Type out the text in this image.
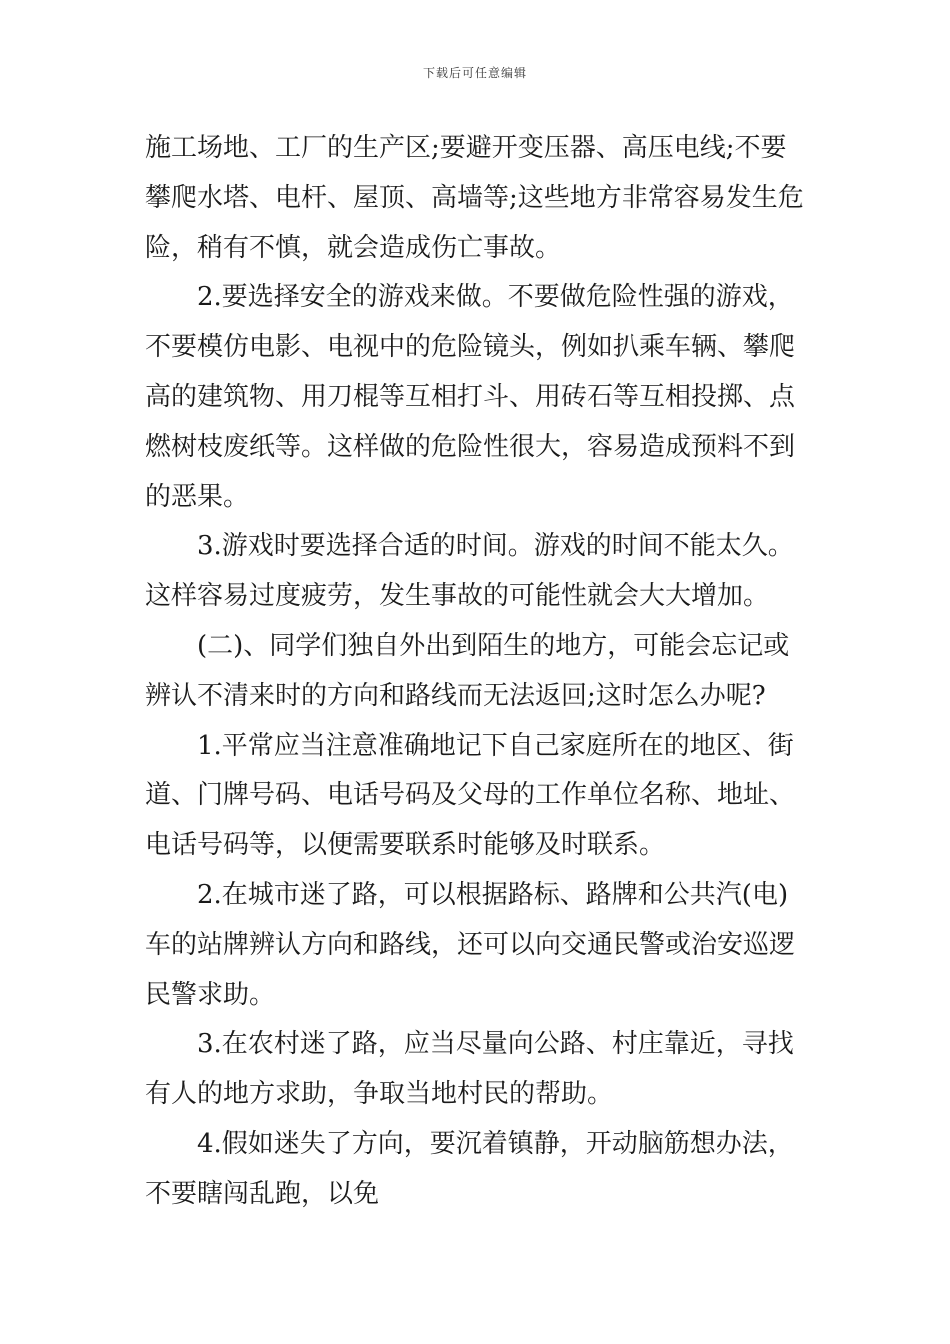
下载后可任意编辑
施工场地、工厂的生产区;要避开变压器、高压电线;不要
攀爬水塔、电杆、屋顶、高墙等;这些地方非常容易发生危
险，稍有不慎，就会造成伤亡事故。
2.要选择安全的游戏来做。不要做危险性强的游戏，
不要模仿电影、电视中的危险镜头，例如扒乘车辆、攀爬
高的建筑物、用刀棍等互相打斗、用砖石等互相投掷、点
燃树枝废纸等。这样做的危险性很大，容易造成预料不到
的恶果。
3.游戏时要选择合适的时间。游戏的时间不能太久。
这样容易过度疲劳，发生事故的可能性就会大大增加。
(二)、同学们独自外出到陌生的地方，可能会忘记或
辨认不清来时的方向和路线而无法返回;这时怎么办呢?
1.平常应当注意准确地记下自己家庭所在的地区、街
道、门牌号码、电话号码及父母的工作单位名称、地址、
电话号码等，以便需要联系时能够及时联系。
2.在城市迷了路，可以根据路标、路牌和公共汽(电)
车的站牌辨认方向和路线，还可以向交通民警或治安巡逻
民警求助。
3.在农村迷了路，应当尽量向公路、村庄靠近，寻找
有人的地方求助，争取当地村民的帮助。
4.假如迷失了方向，要沉着镇静，开动脑筋想办法，
不要瞎闯乱跑，以免
